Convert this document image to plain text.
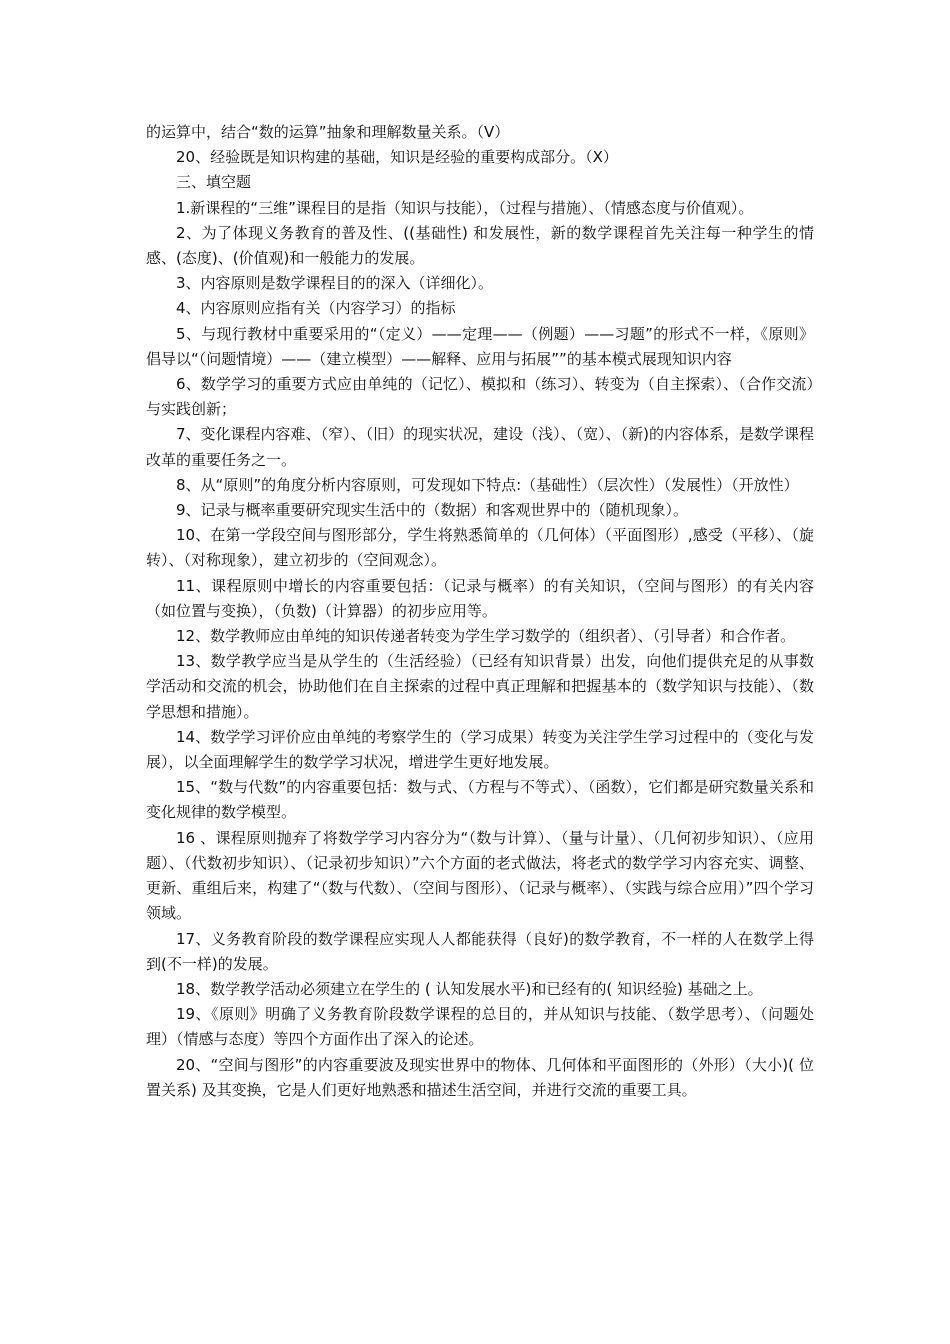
的运算中，结合“数的运算”抽象和理解数量关系。（V）

20、经验既是知识构建的基础，知识是经验的重要构成部分。（X）

三、填空题

1.新课程的“三维”课程目的是指（知识与技能），（过程与措施）、（情感态度与价值观）。

2、为了体现义务教育的普及性、((基础性) 和发展性，新的数学课程首先关注每一种学生的情感、(态度)、(价值观)和一般能力的发展。

3、内容原则是数学课程目的的深入（详细化）。

4、内容原则应指有关（内容学习）的指标

5、与现行教材中重要采用的“（定义）——定理——（例题）——习题”的形式不一样，《原则》倡导以“（问题情境）——（建立模型）——解释、应用与拓展””的基本模式展现知识内容

6、数学学习的重要方式应由单纯的（记忆）、模拟和（练习）、转变为（自主探索）、（合作交流）与实践创新；

7、变化课程内容难、（窄）、（旧）的现实状况，建设（浅）、（宽）、（新)的内容体系，是数学课程改革的重要任务之一。

8、从“原则”的角度分析内容原则，可发现如下特点:（基础性）（层次性）（发展性）（开放性）

9、记录与概率重要研究现实生活中的（数据）和客观世界中的（随机现象）。

10、在第一学段空间与图形部分，学生将熟悉简单的（几何体）（平面图形）,感受（平移）、（旋转）、（对称现象），建立初步的（空间观念）。

11、课程原则中增长的内容重要包括：（记录与概率）的有关知识，（空间与图形）的有关内容（如位置与变换），（负数)（计算器）的初步应用等。

12、数学教师应由单纯的知识传递者转变为学生学习数学的（组织者）、（引导者）和合作者。

13、数学教学应当是从学生的（生活经验）（已经有知识背景）出发，向他们提供充足的从事数学活动和交流的机会，协助他们在自主探索的过程中真正理解和把握基本的（数学知识与技能）、（数学思想和措施）。

14、数学学习评价应由单纯的考察学生的（学习成果）转变为关注学生学习过程中的（变化与发展），以全面理解学生的数学学习状况，增进学生更好地发展。

15、“数与代数”的内容重要包括：数与式、（方程与不等式）、（函数），它们都是研究数量关系和变化规律的数学模型。

16 、课程原则抛弃了将数学学习内容分为“（数与计算）、（量与计量）、（几何初步知识）、（应用题）、（代数初步知识）、（记录初步知识）”六个方面的老式做法，将老式的数学学习内容充实、调整、更新、重组后来，构建了“（数与代数）、（空间与图形）、（记录与概率）、（实践与综合应用）”四个学习领域。

17、义务教育阶段的数学课程应实现人人都能获得（良好)的数学教育，不一样的人在数学上得到(不一样)的发展。

18、数学教学活动必须建立在学生的 ( 认知发展水平)和已经有的( 知识经验) 基础之上。

19、《原则》明确了义务教育阶段数学课程的总目的，并从知识与技能、（数学思考）、（问题处理）（情感与态度）等四个方面作出了深入的论述。

20、“空间与图形”的内容重要波及现实世界中的物体、几何体和平面图形的（外形）（大小)( 位置关系) 及其变换，它是人们更好地熟悉和描述生活空间，并进行交流的重要工具。
